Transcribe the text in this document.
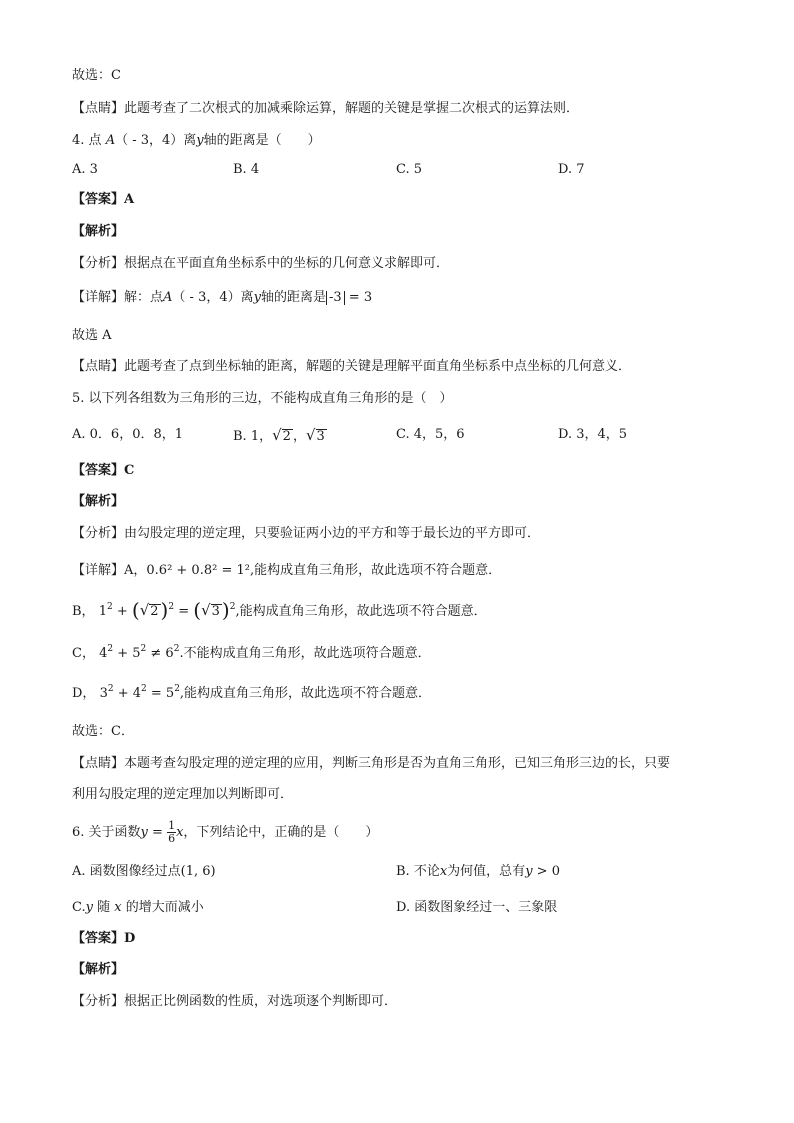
故选：C
【点睛】此题考查了二次根式的加减乘除运算，解题的关键是掌握二次根式的运算法则．
4. 点 A（ - 3，4）离y轴的距离是（　　）
A. 3	B. 4	C. 5	D. 7
【答案】A
【解析】
【分析】根据点在平面直角坐标系中的坐标的几何意义求解即可．
【详解】解：点A（ - 3，4）离y轴的距离是 -3 = 3
故选 A
【点睛】此题考查了点到坐标轴的距离，解题的关键是理解平面直角坐标系中点坐标的几何意义．
5. 以下列各组数为三角形的三边，不能构成直角三角形的是（　）
A. 0．6，0．8，1	B. 1，√2 ，√3	C. 4，5，6	D. 3，4，5
【答案】C
【解析】
【分析】由勾股定理的逆定理，只要验证两小边的平方和等于最长边的平方即可．
【详解】A，0.6² + 0.8² = 1²,能构成直角三角形，故此选项不符合题意．
B， $1^2 + (√2$ )$^2$ = (√3 )$^2$,能构成直角三角形，故此选项不符合题意．
C， $4^2 + 5^2 \ne 6^2$.不能构成直角三角形，故此选项符合题意．
D， $3^2 + 4^2 = 5^2$,能构成直角三角形，故此选项不符合题意．
故选：C．
【点睛】本题考查勾股定理的逆定理的应用，判断三角形是否为直角三角形，已知三角形三边的长，只要
利用勾股定理的逆定理加以判断即可．
6. 关于函数$y = \frac{1}{6}$ x，下列结论中，正确的是（　　）
A. 函数图像经过点(1, 6)	B. 不论x为何值，总有y > 0
C.y 随 x 的增大而减小	D. 函数图象经过一、三象限
【答案】D
【解析】
【分析】根据正比例函数的性质，对选项逐个判断即可．
